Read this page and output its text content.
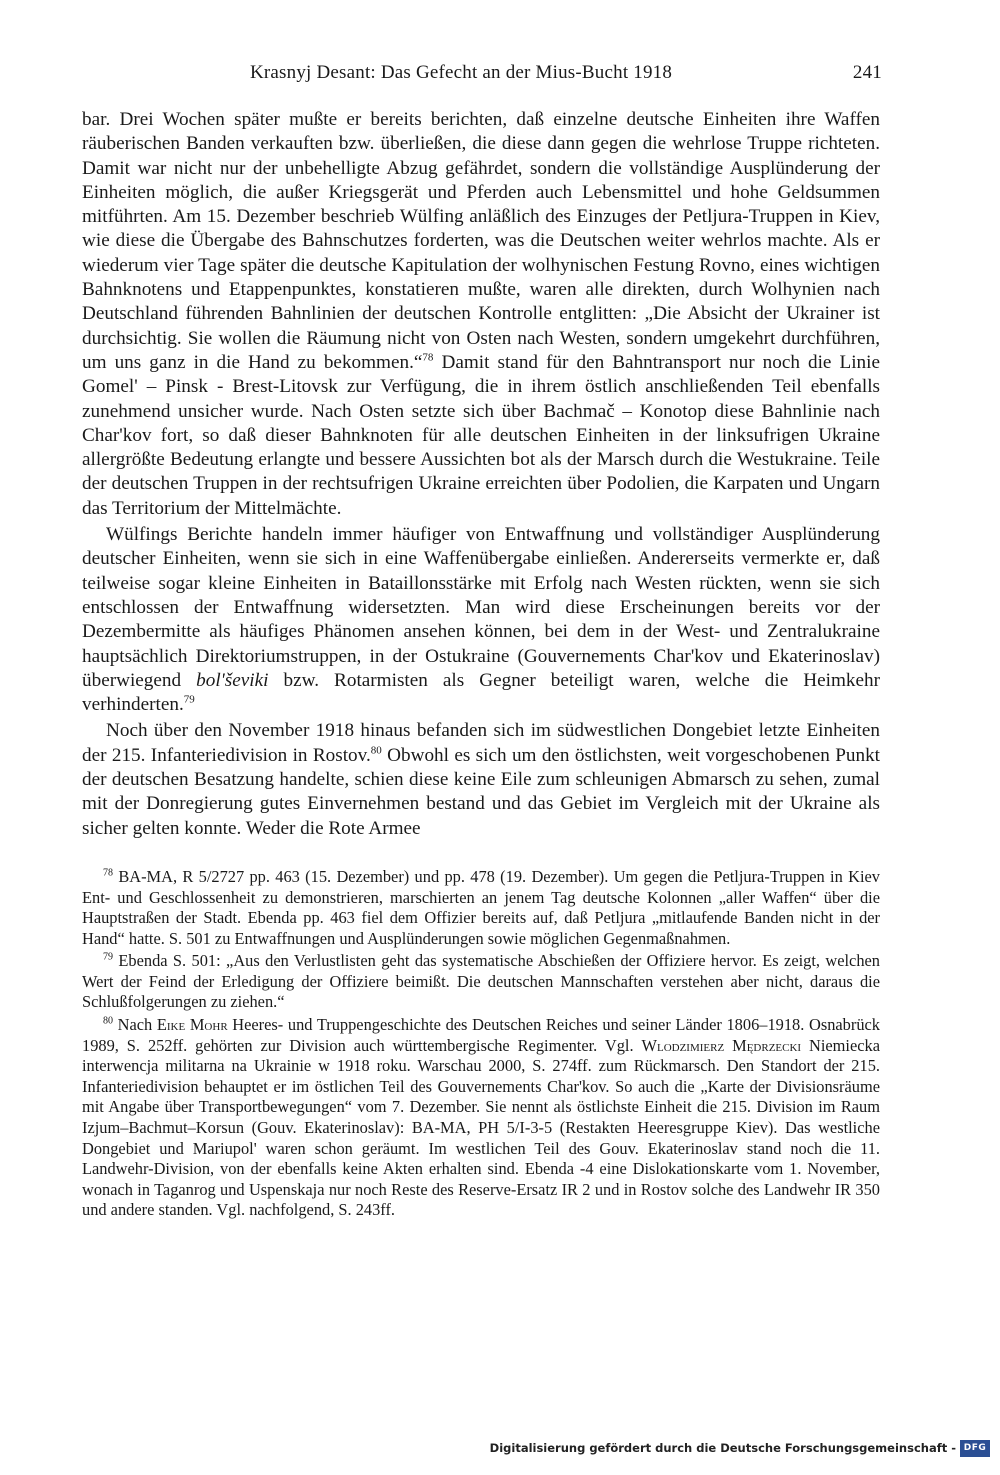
Krasnyj Desant: Das Gefecht an der Mius-Bucht 1918	241

bar. Drei Wochen später mußte er bereits berichten, daß einzelne deutsche Einheiten ihre Waffen räuberischen Banden verkauften bzw. überließen, die diese dann gegen die wehrlose Truppe richteten. Damit war nicht nur der unbehelligte Abzug gefährdet, sondern die vollständige Ausplünderung der Einheiten möglich, die außer Kriegsgerät und Pferden auch Lebensmittel und hohe Geldsummen mitführten. Am 15. Dezember beschrieb Wülfing anläßlich des Einzuges der Petljura-Truppen in Kiev, wie diese die Übergabe des Bahnschutzes forderten, was die Deutschen weiter wehrlos machte. Als er wiederum vier Tage später die deutsche Kapitulation der wolhynischen Festung Rovno, eines wichtigen Bahnknotens und Etappenpunktes, konstatieren mußte, waren alle direkten, durch Wolhynien nach Deutschland führenden Bahnlinien der deutschen Kontrolle entglitten: „Die Absicht der Ukrainer ist durchsichtig. Sie wollen die Räumung nicht von Osten nach Westen, sondern umgekehrt durchführen, um uns ganz in die Hand zu bekommen.“$^{78}$ Damit stand für den Bahntransport nur noch die Linie Gomel' – Pinsk - Brest-Litovsk zur Verfügung, die in ihrem östlich anschließenden Teil ebenfalls zunehmend unsicher wurde. Nach Osten setzte sich über Bachmač – Konotop diese Bahnlinie nach Char'kov fort, so daß dieser Bahnknoten für alle deutschen Einheiten in der linksufrigen Ukraine allergrößte Bedeutung erlangte und bessere Aussichten bot als der Marsch durch die Westukraine. Teile der deutschen Truppen in der rechtsufrigen Ukraine erreichten über Podolien, die Karpaten und Ungarn das Territorium der Mittelmächte.

Wülfings Berichte handeln immer häufiger von Entwaffnung und vollständiger Ausplünderung deutscher Einheiten, wenn sie sich in eine Waffenübergabe einließen. Andererseits vermerkte er, daß teilweise sogar kleine Einheiten in Bataillonsstärke mit Erfolg nach Westen rückten, wenn sie sich entschlossen der Entwaffnung widersetzten. Man wird diese Erscheinungen bereits vor der Dezembermitte als häufiges Phänomen ansehen können, bei dem in der West- und Zentralukraine hauptsächlich Direktoriumstruppen, in der Ostukraine (Gouvernements Char'kov und Ekaterinoslav) überwiegend bol'ševiki bzw. Rotarmisten als Gegner beteiligt waren, welche die Heimkehr verhinderten.$^{79}$

Noch über den November 1918 hinaus befanden sich im südwestlichen Dongebiet letzte Einheiten der 215. Infanteriedivision in Rostov.$^{80}$ Obwohl es sich um den östlichsten, weit vorgeschobenen Punkt der deutschen Besatzung handelte, schien diese keine Eile zum schleunigen Abmarsch zu sehen, zumal mit der Donregierung gutes Einvernehmen bestand und das Gebiet im Vergleich mit der Ukraine als sicher gelten konnte. Weder die Rote Armee

$^{78}$ BA-MA, R 5/2727 pp. 463 (15. Dezember) und pp. 478 (19. Dezember). Um gegen die Petljura-Truppen in Kiev Ent- und Geschlossenheit zu demonstrieren, marschierten an jenem Tag deutsche Kolonnen „aller Waffen“ über die Hauptstraßen der Stadt. Ebenda pp. 463 fiel dem Offizier bereits auf, daß Petljura „mitlaufende Banden nicht in der Hand“ hatte. S. 501 zu Entwaffnungen und Ausplünderungen sowie möglichen Gegenmaßnahmen.

$^{79}$ Ebenda S. 501: „Aus den Verlustlisten geht das systematische Abschießen der Offiziere hervor. Es zeigt, welchen Wert der Feind der Erledigung der Offiziere beimißt. Die deutschen Mannschaften verstehen aber nicht, daraus die Schlußfolgerungen zu ziehen.“

$^{80}$ Nach Eike Mohr Heeres- und Truppengeschichte des Deutschen Reiches und seiner Länder 1806–1918. Osnabrück 1989, S. 252ff. gehörten zur Division auch württembergische Regimenter. Vgl. Wlodzimierz Mędrzecki Niemiecka interwencja militarna na Ukrainie w 1918 roku. Warschau 2000, S. 274ff. zum Rückmarsch. Den Standort der 215. Infanteriedivision behauptet er im östlichen Teil des Gouvernements Char'kov. So auch die „Karte der Divisionsräume mit Angabe über Transportbewegungen“ vom 7. Dezember. Sie nennt als östlichste Einheit die 215. Division im Raum Izjum–Bachmut–Korsun (Gouv. Ekaterinoslav): BA-MA, PH 5/I-3-5 (Restakten Heeresgruppe Kiev). Das westliche Dongebiet und Mariupol' waren schon geräumt. Im westlichen Teil des Gouv. Ekaterinoslav stand noch die 11. Landwehr-Division, von der ebenfalls keine Akten erhalten sind. Ebenda -4 eine Dislokationskarte vom 1. November, wonach in Taganrog und Uspenskaja nur noch Reste des Reserve-Ersatz IR 2 und in Rostov solche des Landwehr IR 350 und andere standen. Vgl. nachfolgend, S. 243ff.

Digitalisierung gefördert durch die Deutsche Forschungsgemeinschaft - DFG
